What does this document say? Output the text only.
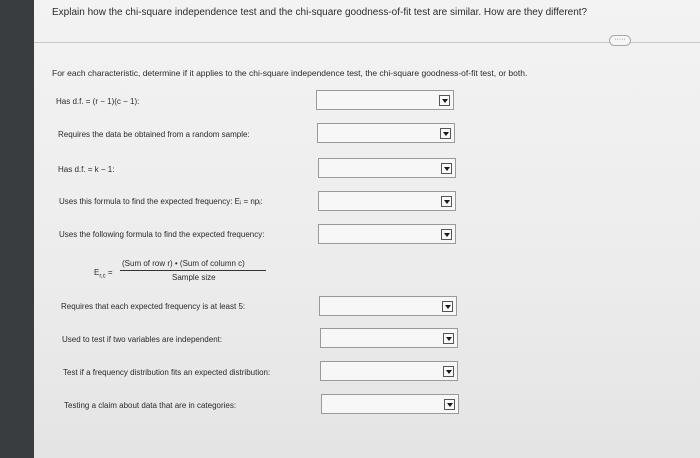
Explain how the chi-square independence test and the chi-square goodness-of-fit test are similar. How are they different?
·····
For each characteristic, determine if it applies to the chi-square independence test, the chi-square goodness-of-fit test, or both.
Has d.f. = (r − 1)(c − 1):
Requires the data be obtained from a random sample:
Has d.f. = k − 1:
Uses this formula to find the expected frequency: Eᵢ = npᵢ:
Uses the following formula to find the expected frequency:
$E_{r,c}$ =
(Sum of row r) • (Sum of column c)
Sample size
Requires that each expected frequency is at least 5:
Used to test if two variables are independent:
Test if a frequency distribution fits an expected distribution:
Testing a claim about data that are in categories:
